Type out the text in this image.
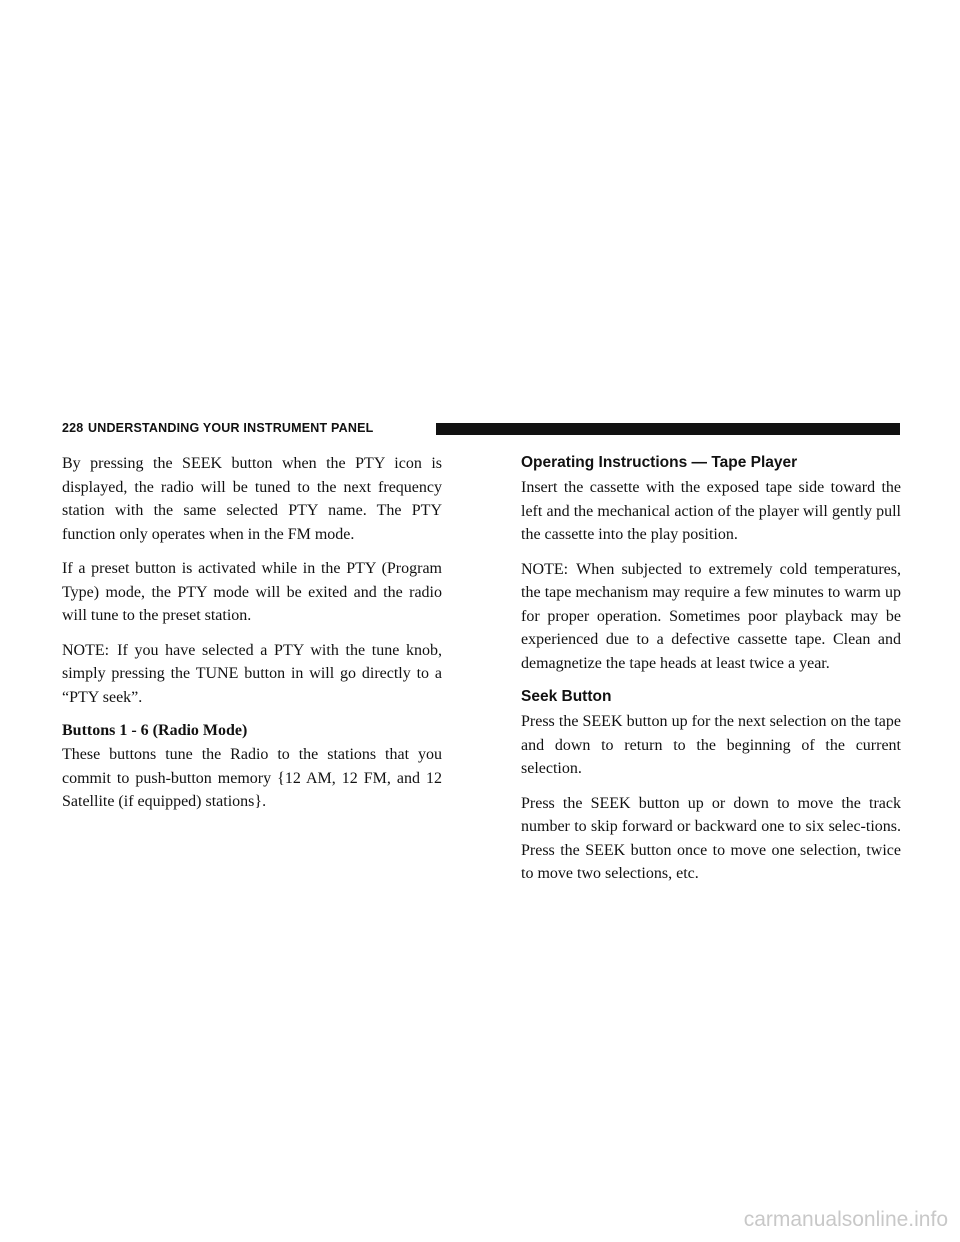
228 UNDERSTANDING YOUR INSTRUMENT PANEL

By pressing the SEEK button when the PTY icon is displayed, the radio will be tuned to the next frequency station with the same selected PTY name. The PTY function only operates when in the FM mode.

If a preset button is activated while in the PTY (Program Type) mode, the PTY mode will be exited and the radio will tune to the preset station.

NOTE: If you have selected a PTY with the tune knob, simply pressing the TUNE button in will go directly to a “PTY seek”.

Buttons 1 - 6 (Radio Mode)

These buttons tune the Radio to the stations that you commit to push-button memory {12 AM, 12 FM, and 12 Satellite (if equipped) stations}.

Operating Instructions — Tape Player

Insert the cassette with the exposed tape side toward the left and the mechanical action of the player will gently pull the cassette into the play position.

NOTE: When subjected to extremely cold temperatures, the tape mechanism may require a few minutes to warm up for proper operation. Sometimes poor playback may be experienced due to a defective cassette tape. Clean and demagnetize the tape heads at least twice a year.

Seek Button

Press the SEEK button up for the next selection on the tape and down to return to the beginning of the current selection.

Press the SEEK button up or down to move the track number to skip forward or backward one to six selec-tions. Press the SEEK button once to move one selection, twice to move two selections, etc.

carmanualsonline.info
